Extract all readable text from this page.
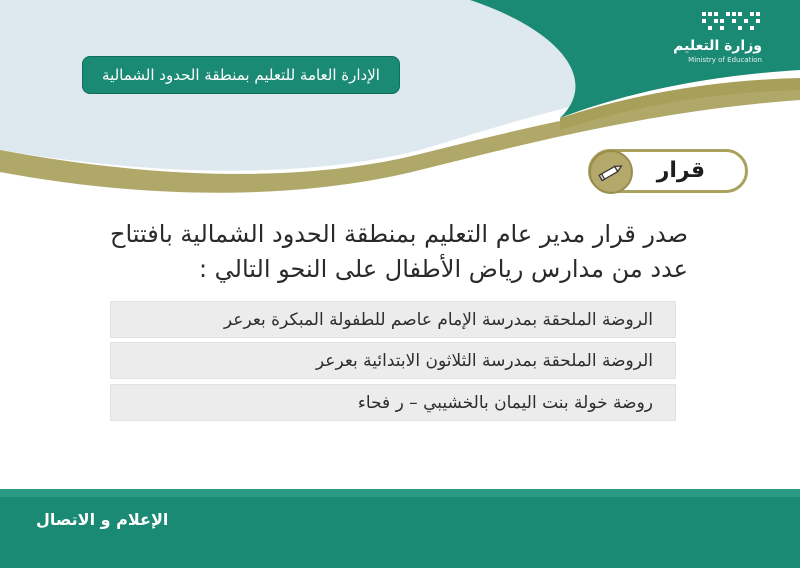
وزارة التعليم
Ministry of Education
الإدارة العامة للتعليم بمنطقة الحدود الشمالية
قرار
صدر قرار مدير عام التعليم بمنطقة الحدود الشمالية بافتتاح
عدد من مدارس رياض الأطفال على النحو التالي :
الروضة الملحقة بمدرسة الإمام عاصم للطفولة المبكرة بعرعر
الروضة الملحقة بمدرسة الثلاثون الابتدائية بعرعر
روضة خولة بنت اليمان بالخشيبي – ر فحاء
الإعلام و الاتصال
